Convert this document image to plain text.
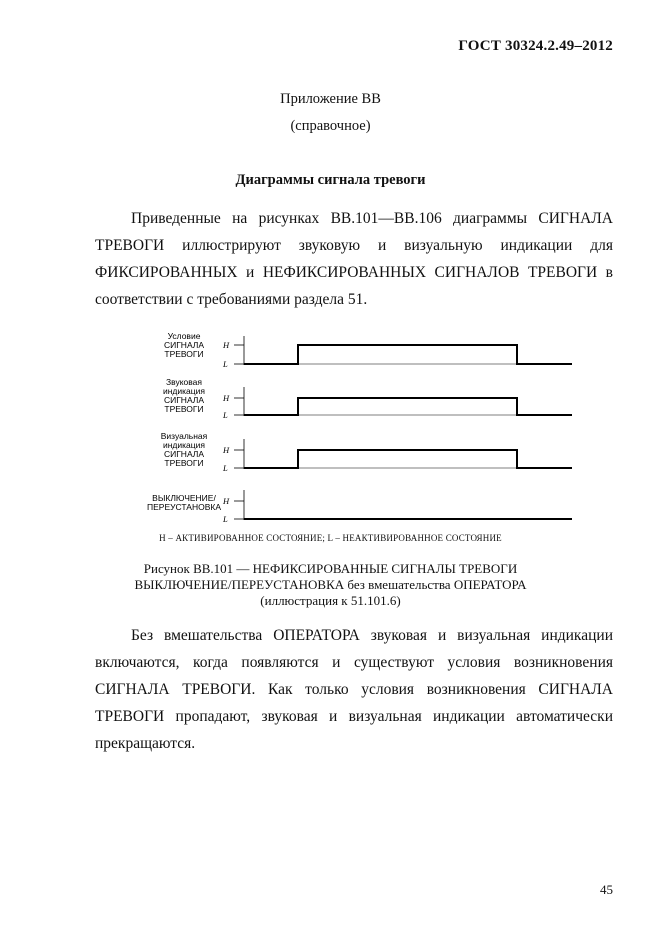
ГОСТ 30324.2.49–2012
Приложение ВВ
(справочное)
Диаграммы сигнала тревоги
Приведенные на рисунках ВВ.101—ВВ.106 диаграммы СИГНАЛА
ТРЕВОГИ иллюстрируют звуковую и визуальную индикации для
ФИКСИРОВАННЫХ и НЕФИКСИРОВАННЫХ СИГНАЛОВ ТРЕВОГИ в
соответствии с требованиями раздела 51.
Условие
СИГНАЛА
ТРЕВОГИ
H
L
Звуковая
индикация
СИГНАЛА
ТРЕВОГИ
H
L
Визуальная
индикация
СИГНАЛА
ТРЕВОГИ
H
L
ВЫКЛЮЧЕНИЕ/
ПЕРЕУСТАНОВКА
H
L
H – АКТИВИРОВАННОЕ СОСТОЯНИЕ; L – НЕАКТИВИРОВАННОЕ СОСТОЯНИЕ
Рисунок ВВ.101 — НЕФИКСИРОВАННЫЕ СИГНАЛЫ ТРЕВОГИ
ВЫКЛЮЧЕНИЕ/ПЕРЕУСТАНОВКА без вмешательства ОПЕРАТОРА
(иллюстрация к 51.101.6)
Без вмешательства ОПЕРАТОРА звуковая и визуальная индикации
включаются, когда появляются и существуют условия возникновения
СИГНАЛА ТРЕВОГИ. Как только условия возникновения СИГНАЛА
ТРЕВОГИ пропадают, звуковая и визуальная индикации автоматически
прекращаются.
45
